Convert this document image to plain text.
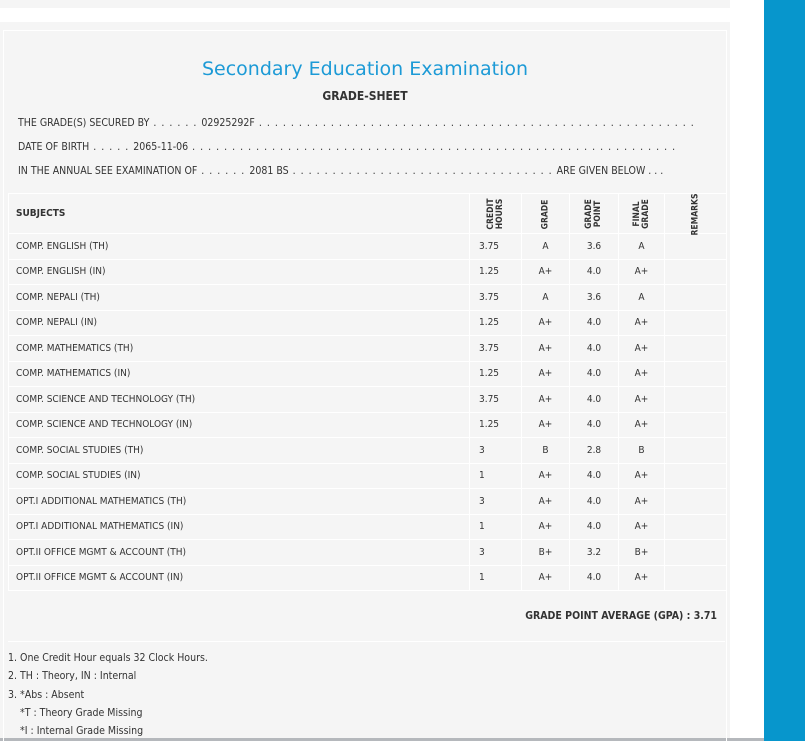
Secondary Education Examination
GRADE-SHEET
THE GRADE(S) SECURED BY . . . . . . 02925292F . . . . . . . . . . . . . . . . . . . . . . . . . . . . . . . . . . . . . . . . . . . . . . . . . . . . . . .
DATE OF BIRTH . . . . . 2065-11-06 . . . . . . . . . . . . . . . . . . . . . . . . . . . . . . . . . . . . . . . . . . . . . . . . . . . . . . . . . . . . .
IN THE ANNUAL SEE EXAMINATION OF . . . . . . 2081 BS . . . . . . . . . . . . . . . . . . . . . . . . . . . . . . . . . ARE GIVEN BELOW . . .
SUBJECTS	CREDIT HOURS	GRADE	GRADE POINT	FINAL GRADE	REMARKS
COMP. ENGLISH (TH)	3.75	A	3.6	A	
COMP. ENGLISH (IN)	1.25	A+	4.0	A+	
COMP. NEPALI (TH)	3.75	A	3.6	A	
COMP. NEPALI (IN)	1.25	A+	4.0	A+	
COMP. MATHEMATICS (TH)	3.75	A+	4.0	A+	
COMP. MATHEMATICS (IN)	1.25	A+	4.0	A+	
COMP. SCIENCE AND TECHNOLOGY (TH)	3.75	A+	4.0	A+	
COMP. SCIENCE AND TECHNOLOGY (IN)	1.25	A+	4.0	A+	
COMP. SOCIAL STUDIES (TH)	3	B	2.8	B	
COMP. SOCIAL STUDIES (IN)	1	A+	4.0	A+	
OPT.I ADDITIONAL MATHEMATICS (TH)	3	A+	4.0	A+	
OPT.I ADDITIONAL MATHEMATICS (IN)	1	A+	4.0	A+	
OPT.II OFFICE MGMT & ACCOUNT (TH)	3	B+	3.2	B+	
OPT.II OFFICE MGMT & ACCOUNT (IN)	1	A+	4.0	A+	
GRADE POINT AVERAGE (GPA) : 3.71
1. One Credit Hour equals 32 Clock Hours.
2. TH : Theory, IN : Internal
3. *Abs : Absent
*T : Theory Grade Missing
*I : Internal Grade Missing
